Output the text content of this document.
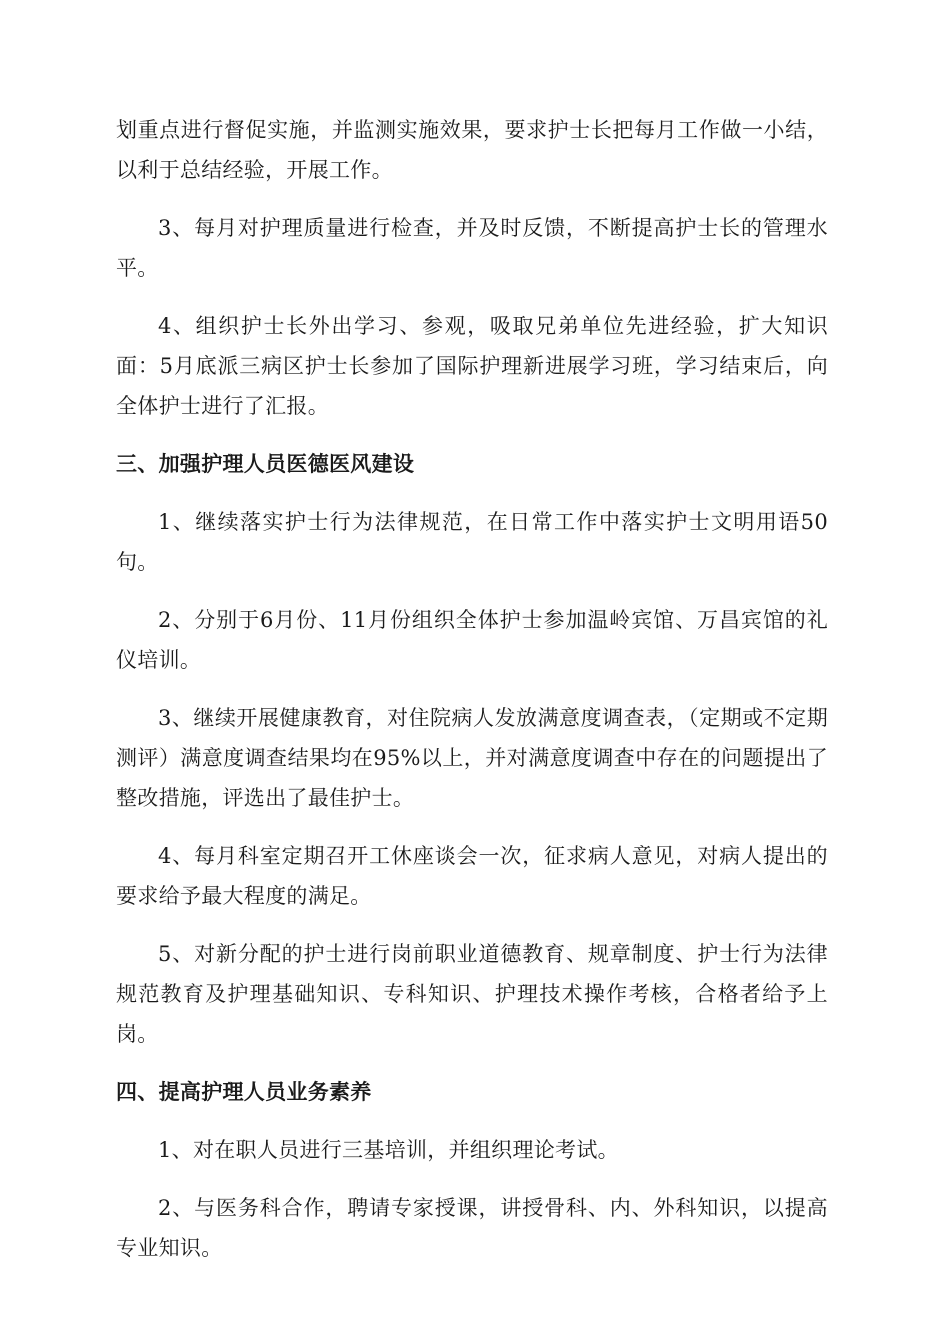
划重点进行督促实施，并监测实施效果，要求护士长把每月工作做一小结，以利于总结经验，开展工作。

3、每月对护理质量进行检查，并及时反馈，不断提高护士长的管理水平。

4、组织护士长外出学习、参观，吸取兄弟单位先进经验，扩大知识面：5月底派三病区护士长参加了国际护理新进展学习班，学习结束后，向全体护士进行了汇报。

三、加强护理人员医德医风建设

1、继续落实护士行为法律规范，在日常工作中落实护士文明用语50句。

2、分别于6月份、11月份组织全体护士参加温岭宾馆、万昌宾馆的礼仪培训。

3、继续开展健康教育，对住院病人发放满意度调查表，（定期或不定期测评）满意度调查结果均在95%以上，并对满意度调查中存在的问题提出了整改措施，评选出了最佳护士。

4、每月科室定期召开工休座谈会一次，征求病人意见，对病人提出的要求给予最大程度的满足。

5、对新分配的护士进行岗前职业道德教育、规章制度、护士行为法律规范教育及护理基础知识、专科知识、护理技术操作考核，合格者给予上岗。

四、提高护理人员业务素养

1、对在职人员进行三基培训，并组织理论考试。

2、与医务科合作，聘请专家授课，讲授骨科、内、外科知识，以提高专业知识。
